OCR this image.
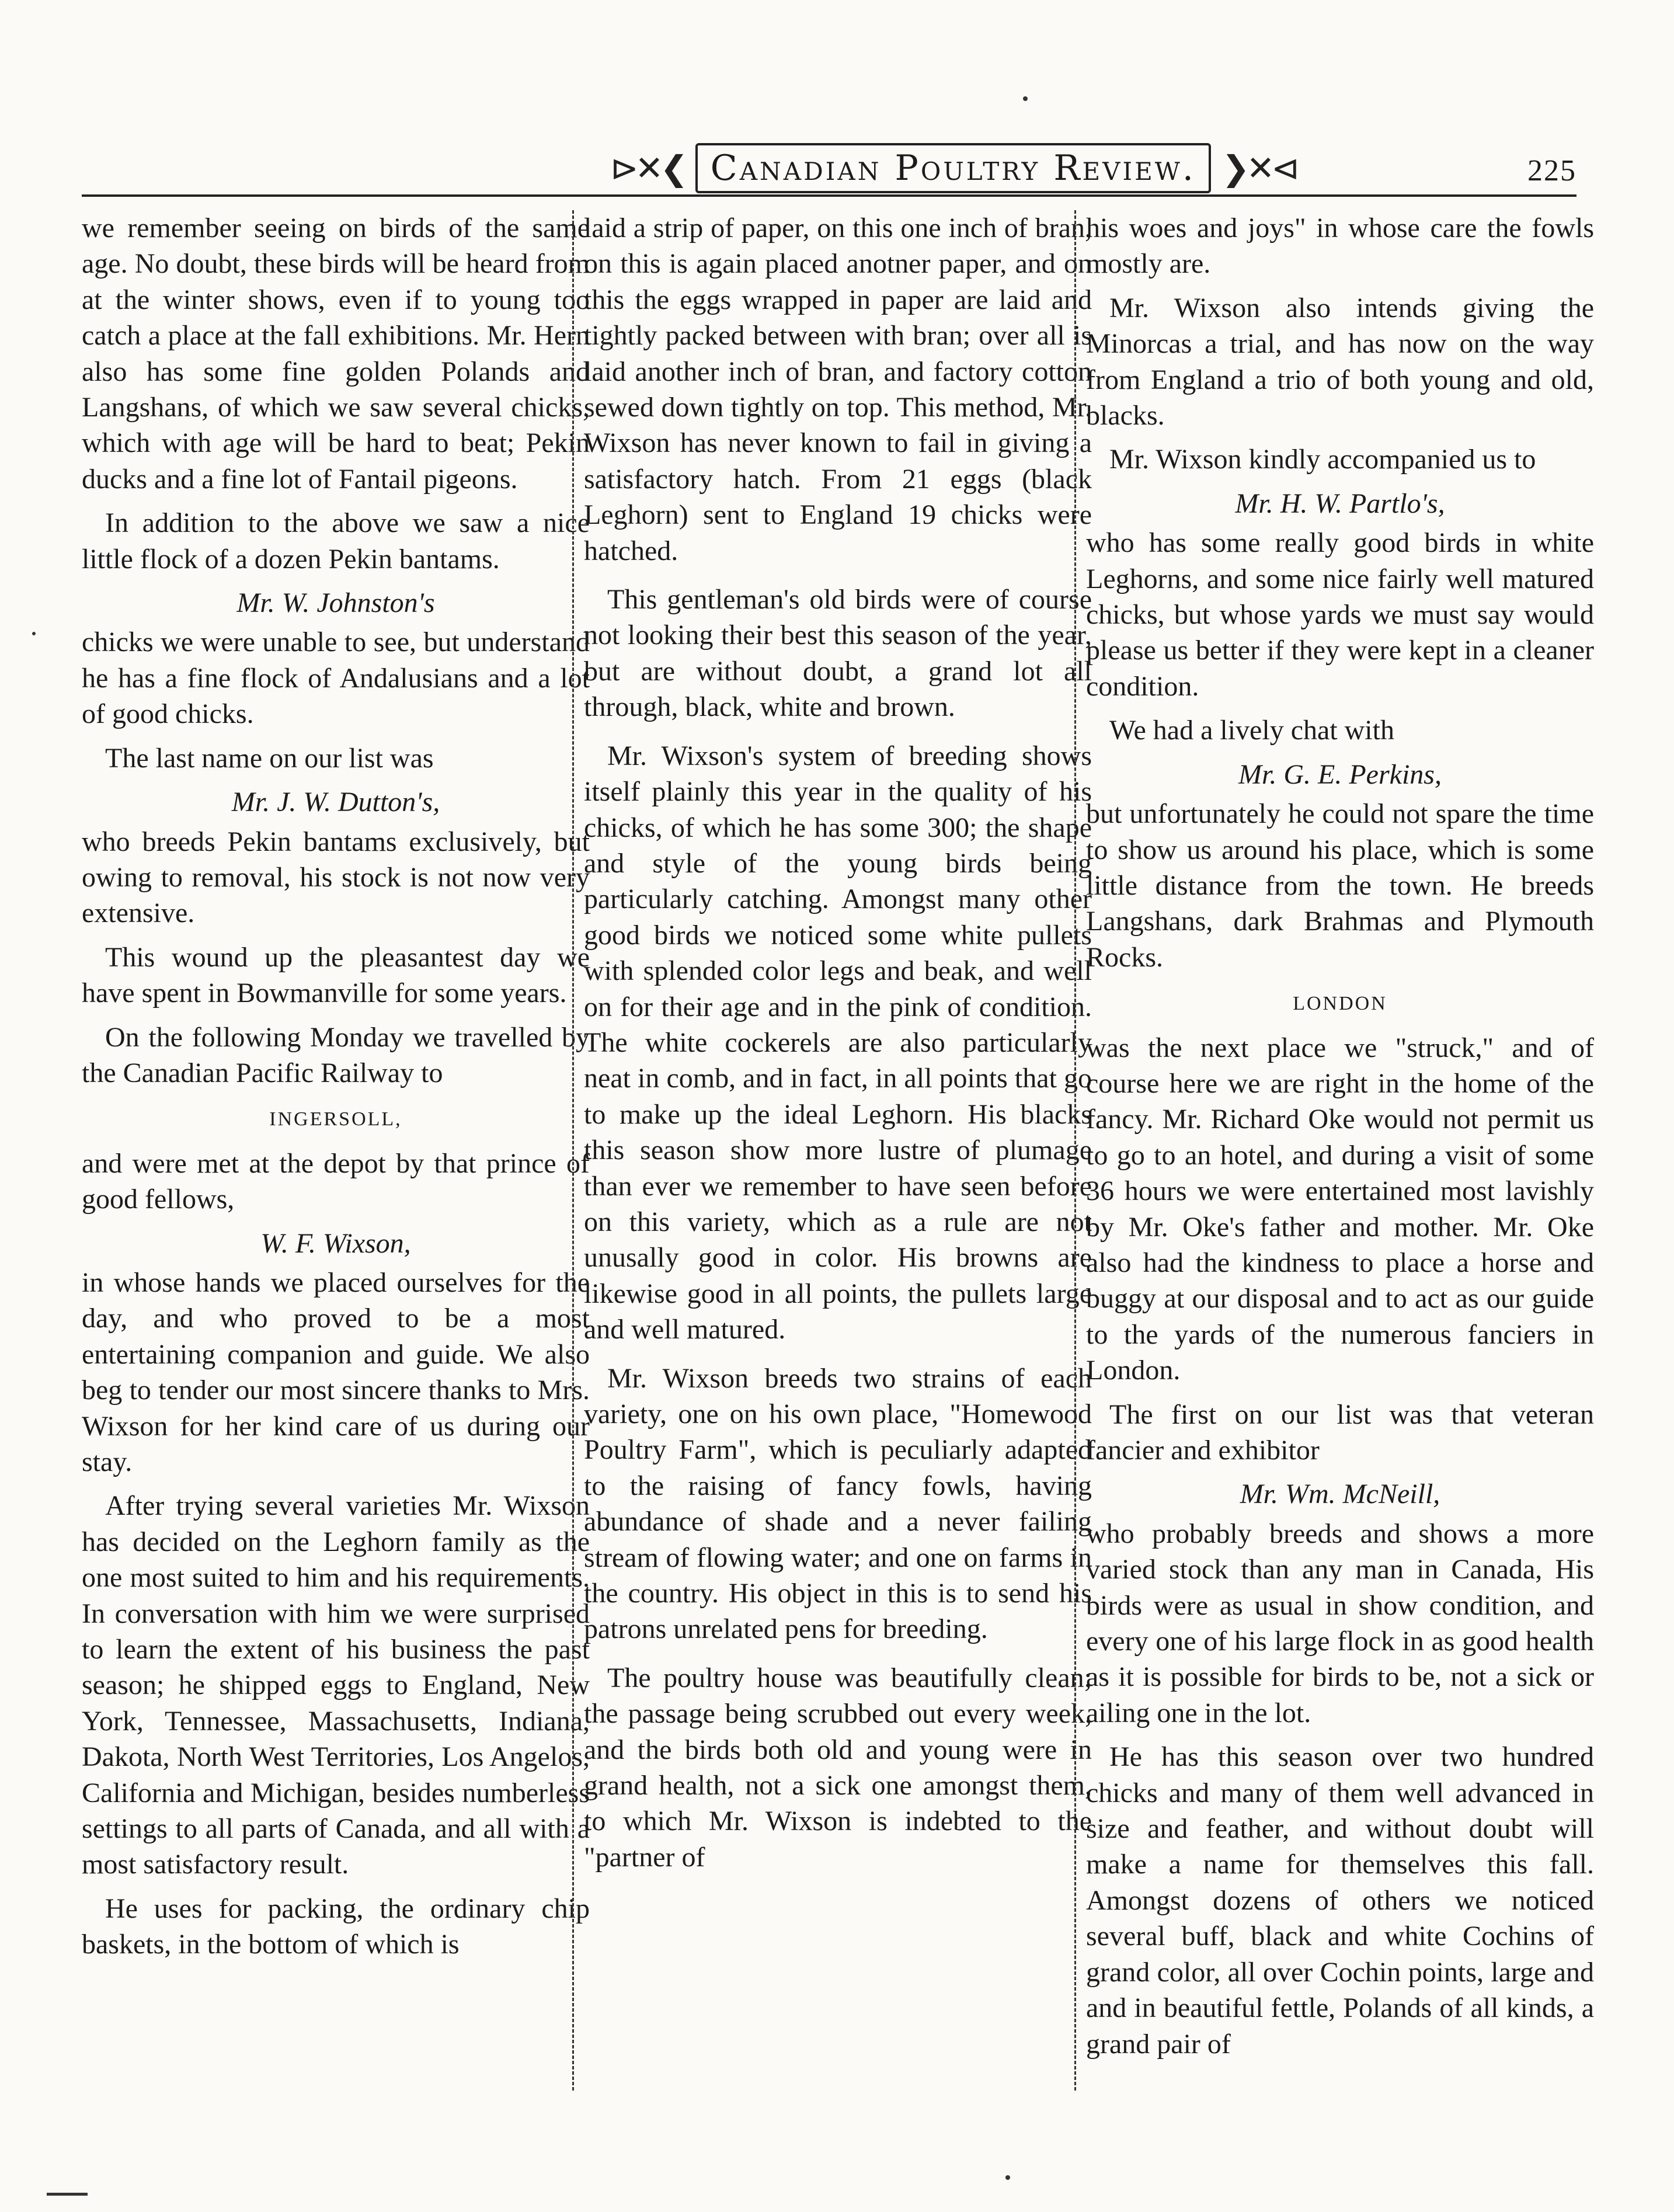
⊳✕❮ Canadian Poultry Review. ❯✕⊲	225

we remember seeing on birds of the same age. No doubt, these birds will be heard from at the winter shows, even if to young too catch a place at the fall exhibitions. Mr. Hern also has some fine golden Polands and Langshans, of which we saw several chicks, which with age will be hard to beat; Pekin ducks and a fine lot of Fantail pigeons.

In addition to the above we saw a nice little flock of a dozen Pekin bantams.

Mr. W. Johnston's

chicks we were unable to see, but understand he has a fine flock of Andalusians and a lot of good chicks.

The last name on our list was

Mr. J. W. Dutton's,

who breeds Pekin bantams exclusively, but owing to removal, his stock is not now very extensive.

This wound up the pleasantest day we have spent in Bowmanville for some years.

On the following Monday we travelled by the Canadian Pacific Railway to

INGERSOLL,

and were met at the depot by that prince of good fellows,

W. F. Wixson,

in whose hands we placed ourselves for the day, and who proved to be a most entertaining companion and guide. We also beg to tender our most sincere thanks to Mrs. Wixson for her kind care of us during our stay.

After trying several varieties Mr. Wixson has decided on the Leghorn family as the one most suited to him and his requirements. In conversation with him we were surprised to learn the extent of his business the past season; he shipped eggs to England, New York, Tennessee, Massachusetts, Indiana, Dakota, North West Territories, Los Angelos, California and Michigan, besides numberless settings to all parts of Canada, and all with a most satisfactory result.

He uses for packing, the ordinary chip baskets, in the bottom of which is

laid a strip of paper, on this one inch of bran, on this is again placed anotner paper, and on this the eggs wrapped in paper are laid and tightly packed between with bran; over all is laid another inch of bran, and factory cotton sewed down tightly on top. This method, Mr. Wixson has never known to fail in giving a satisfactory hatch. From 21 eggs (black Leghorn) sent to England 19 chicks were hatched.

This gentleman's old birds were of course not looking their best this season of the year, but are without doubt, a grand lot all through, black, white and brown.

Mr. Wixson's system of breeding shows itself plainly this year in the quality of his chicks, of which he has some 300; the shape and style of the young birds being particularly catching. Amongst many other good birds we noticed some white pullets with splended color legs and beak, and well on for their age and in the pink of condition. The white cockerels are also particularly neat in comb, and in fact, in all points that go to make up the ideal Leghorn. His blacks this season show more lustre of plumage than ever we remember to have seen before on this variety, which as a rule are not unusally good in color. His browns are likewise good in all points, the pullets large and well matured.

Mr. Wixson breeds two strains of each variety, one on his own place, "Homewood Poultry Farm", which is peculiarly adapted to the raising of fancy fowls, having abundance of shade and a never failing stream of flowing water; and one on farms in the country. His object in this is to send his patrons unrelated pens for breeding.

The poultry house was beautifully clean; the passage being scrubbed out every week, and the birds both old and young were in grand health, not a sick one amongst them, to which Mr. Wixson is indebted to the "partner of

his woes and joys" in whose care the fowls mostly are.

Mr. Wixson also intends giving the Minorcas a trial, and has now on the way from England a trio of both young and old, blacks.

Mr. Wixson kindly accompanied us to

Mr. H. W. Partlo's,

who has some really good birds in white Leghorns, and some nice fairly well matured chicks, but whose yards we must say would please us better if they were kept in a cleaner condition.

We had a lively chat with

Mr. G. E. Perkins,

but unfortunately he could not spare the time to show us around his place, which is some little distance from the town. He breeds Langshans, dark Brahmas and Plymouth Rocks.

LONDON

was the next place we "struck," and of course here we are right in the home of the fancy. Mr. Richard Oke would not permit us to go to an hotel, and during a visit of some 36 hours we were entertained most lavishly by Mr. Oke's father and mother. Mr. Oke also had the kindness to place a horse and buggy at our disposal and to act as our guide to the yards of the numerous fanciers in London.

The first on our list was that veteran fancier and exhibitor

Mr. Wm. McNeill,

who probably breeds and shows a more varied stock than any man in Canada, His birds were as usual in show condition, and every one of his large flock in as good health as it is possible for birds to be, not a sick or ailing one in the lot.

He has this season over two hundred chicks and many of them well advanced in size and feather, and without doubt will make a name for themselves this fall. Amongst dozens of others we noticed several buff, black and white Cochins of grand color, all over Cochin points, large and and in beautiful fettle, Polands of all kinds, a grand pair of
